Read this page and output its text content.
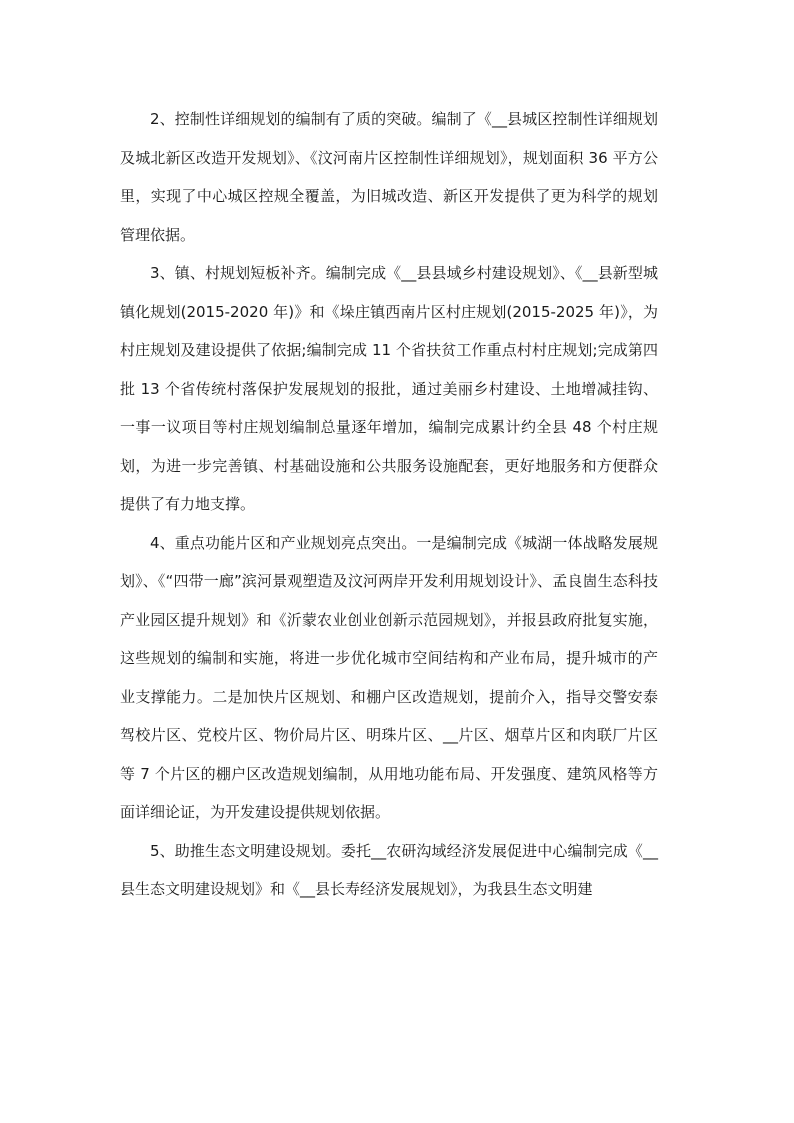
2、控制性详细规划的编制有了质的突破。编制了《__县城区控制性详细规划及城北新区改造开发规划》、《汶河南片区控制性详细规划》，规划面积 36 平方公里，实现了中心城区控规全覆盖，为旧城改造、新区开发提供了更为科学的规划管理依据。

3、镇、村规划短板补齐。编制完成《__县县域乡村建设规划》、《__县新型城镇化规划(2015-2020 年)》和《垛庄镇西南片区村庄规划(2015-2025 年)》，为村庄规划及建设提供了依据;编制完成 11 个省扶贫工作重点村村庄规划;完成第四批 13 个省传统村落保护发展规划的报批，通过美丽乡村建设、土地增减挂钩、一事一议项目等村庄规划编制总量逐年增加，编制完成累计约全县 48 个村庄规划，为进一步完善镇、村基础设施和公共服务设施配套，更好地服务和方便群众提供了有力地支撑。

4、重点功能片区和产业规划亮点突出。一是编制完成《城湖一体战略发展规划》、《“四带一廊”滨河景观塑造及汶河两岸开发利用规划设计》、孟良崮生态科技产业园区提升规划》和《沂蒙农业创业创新示范园规划》，并报县政府批复实施，这些规划的编制和实施，将进一步优化城市空间结构和产业布局，提升城市的产业支撑能力。二是加快片区规划、和棚户区改造规划，提前介入，指导交警安泰驾校片区、党校片区、物价局片区、明珠片区、__片区、烟草片区和肉联厂片区等 7 个片区的棚户区改造规划编制，从用地功能布局、开发强度、建筑风格等方面详细论证，为开发建设提供规划依据。

5、助推生态文明建设规划。委托__农研沟域经济发展促进中心编制完成《__县生态文明建设规划》和《__县长寿经济发展规划》，为我县生态文明建
